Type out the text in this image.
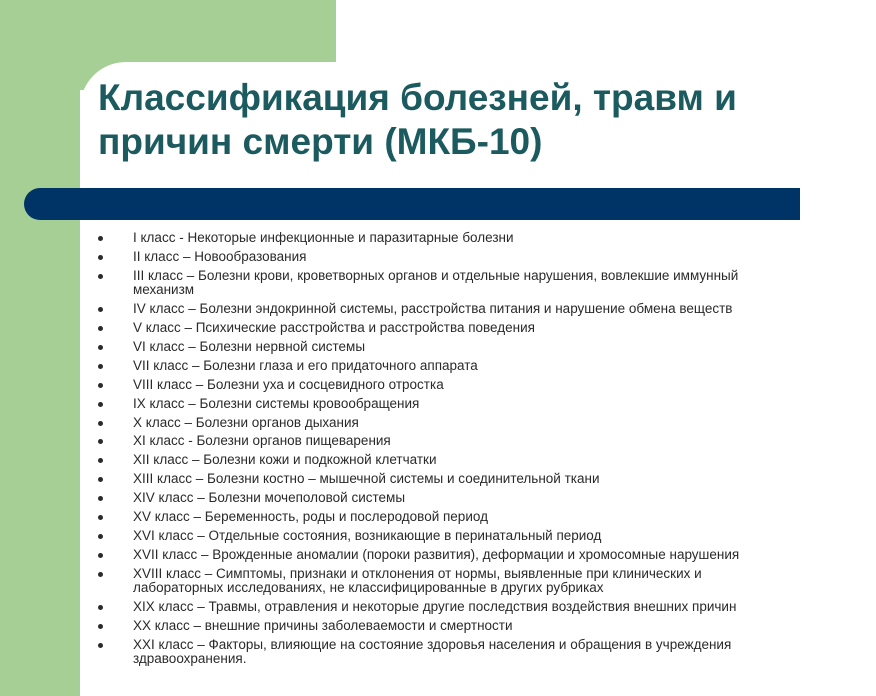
Классификация болезней, травм и
причин смерти (МКБ-10)
I класс - Некоторые инфекционные и паразитарные болезни
II класс – Новообразования
III класс – Болезни крови, кроветворных органов и отдельные нарушения, вовлекшие иммунный
механизм
IV класс – Болезни эндокринной системы, расстройства питания и нарушение обмена веществ
V класс – Психические расстройства и расстройства поведения
VI класс – Болезни нервной системы
VII класс – Болезни глаза и его придаточного аппарата
VIII класс – Болезни уха и сосцевидного отростка
IX класс – Болезни системы кровообращения
X класс – Болезни органов дыхания
XI класс - Болезни органов пищеварения
XII класс – Болезни кожи и подкожной клетчатки
XIII класс – Болезни костно – мышечной системы и соединительной ткани
XIV класс – Болезни мочеполовой системы
XV класс – Беременность, роды и послеродовой период
XVI класс – Отдельные состояния, возникающие в перинатальный период
XVII класс – Врожденные аномалии (пороки развития), деформации и хромосомные нарушения
XVIII класс – Симптомы, признаки и отклонения от нормы, выявленные при клинических и
лабораторных исследованиях, не классифицированные в других рубриках
XIX класс – Травмы, отравления и некоторые другие последствия воздействия внешних причин
XX класс – внешние причины заболеваемости и смертности
XXI класс – Факторы, влияющие на состояние здоровья населения и обращения в учреждения
здравоохранения.
